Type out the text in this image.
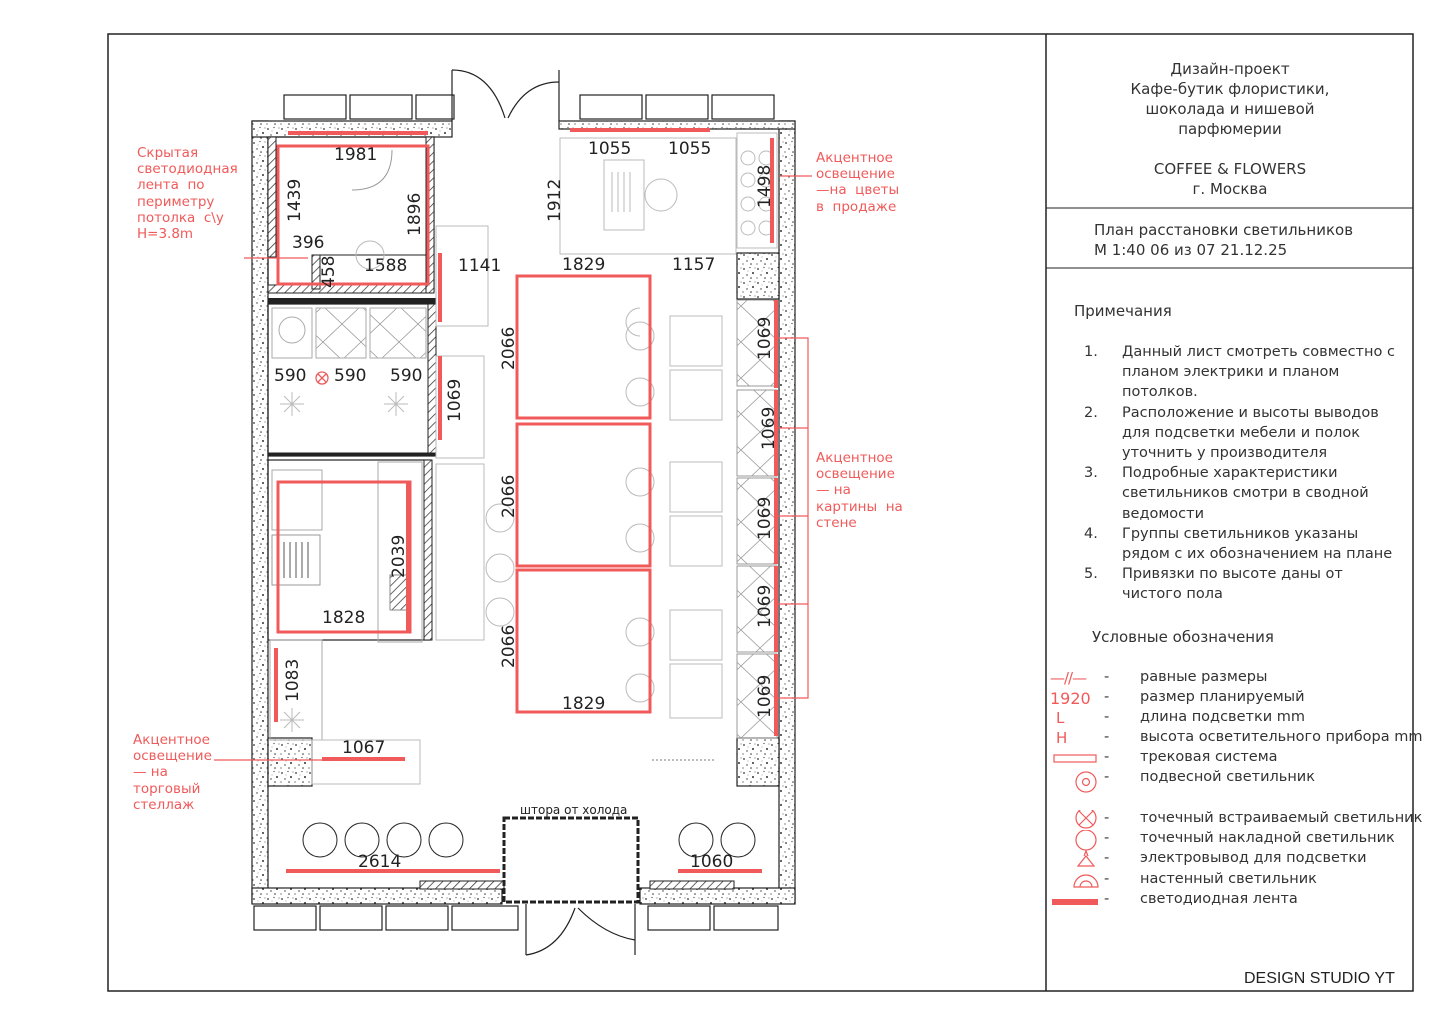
1981
1439	1896
396
458 1588	1141
1055 1055
1912	1498
1829	1157
2066
2066
2066
1829
590 590 590
1069
1069
1069
1069
1069
1069
2039
1828
1083
1067
2614	1060
штора от холода
Скрытая
светодиодная
лента  по
периметру
потолка  с\у
Н=3.8m
Акцентное
освещение
—на  цветы
в  продаже
Акцентное
освещение
— на
картины  на
стене
Акцентное
освещение
— на
торговый
стеллаж
Дизайн-проект
Кафе-бутик флористики,
шоколада и нишевой
парфюмерии
COFFEE & FLOWERS
г. Москва
План расстановки светильников
М 1:40 06 из 07 21.12.25
Примечания
1.	Данный лист смотреть совместно с планом электрики и планом потолков.
2.	Расположение и высоты выводов для подсветки мебели и полок уточнить у производителя
3.	Подробные характеристики светильников смотри в сводной ведомости
4.	Группы светильников указаны рядом с их обозначением на плане
5.	Привязки по высоте даны от чистого пола
Условные обозначения
—//—	- равные размеры
1920 - размер планируемый
L	- длина подсветки mm
H	- высота осветительного прибора mm
- трековая система
- подвесной светильник
- точечный встраиваемый светильник
- точечный накладной светильник
- электровывод для подсветки
- настенный светильник
- светодиодная лента
DESIGN STUDIO YT
